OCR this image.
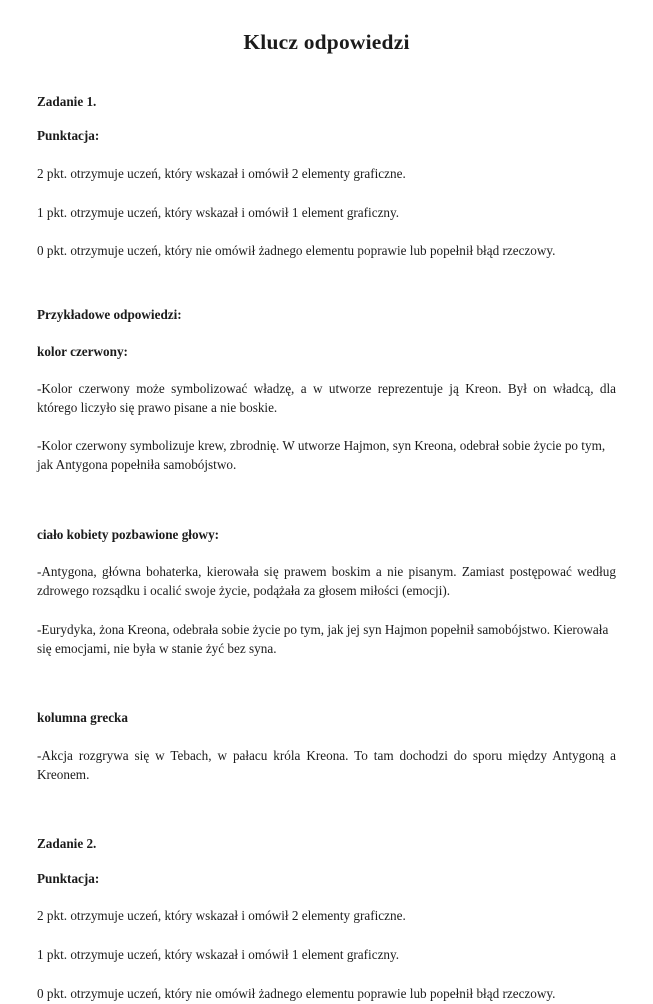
Klucz odpowiedzi

Zadanie 1.

Punktacja:

2 pkt. otrzymuje uczeń, który wskazał i omówił 2 elementy graficzne.

1 pkt. otrzymuje uczeń, który wskazał i omówił 1 element graficzny.

0 pkt. otrzymuje uczeń, który nie omówił żadnego elementu poprawie lub popełnił błąd rzeczowy.

Przykładowe odpowiedzi:

kolor czerwony:

-Kolor czerwony może symbolizować władzę, a w utworze reprezentuje ją Kreon. Był on władcą, dla którego liczyło się prawo pisane a nie boskie.

-Kolor czerwony symbolizuje krew, zbrodnię. W utworze Hajmon, syn Kreona, odebrał sobie życie po tym, jak Antygona popełniła samobójstwo.

ciało kobiety pozbawione głowy:

-Antygona, główna bohaterka, kierowała się prawem boskim a nie pisanym. Zamiast postępować według zdrowego rozsądku i ocalić swoje życie, podążała za głosem miłości (emocji).

-Eurydyka, żona Kreona, odebrała sobie życie po tym, jak jej syn Hajmon popełnił samobójstwo. Kierowała się emocjami, nie była w stanie żyć bez syna.

kolumna grecka

-Akcja rozgrywa się w Tebach, w pałacu króla Kreona. To tam dochodzi do sporu między Antygoną a Kreonem.

Zadanie 2.

Punktacja:

2 pkt. otrzymuje uczeń, który wskazał i omówił 2 elementy graficzne.

1 pkt. otrzymuje uczeń, który wskazał i omówił 1 element graficzny.

0 pkt. otrzymuje uczeń, który nie omówił żadnego elementu poprawie lub popełnił błąd rzeczowy.
